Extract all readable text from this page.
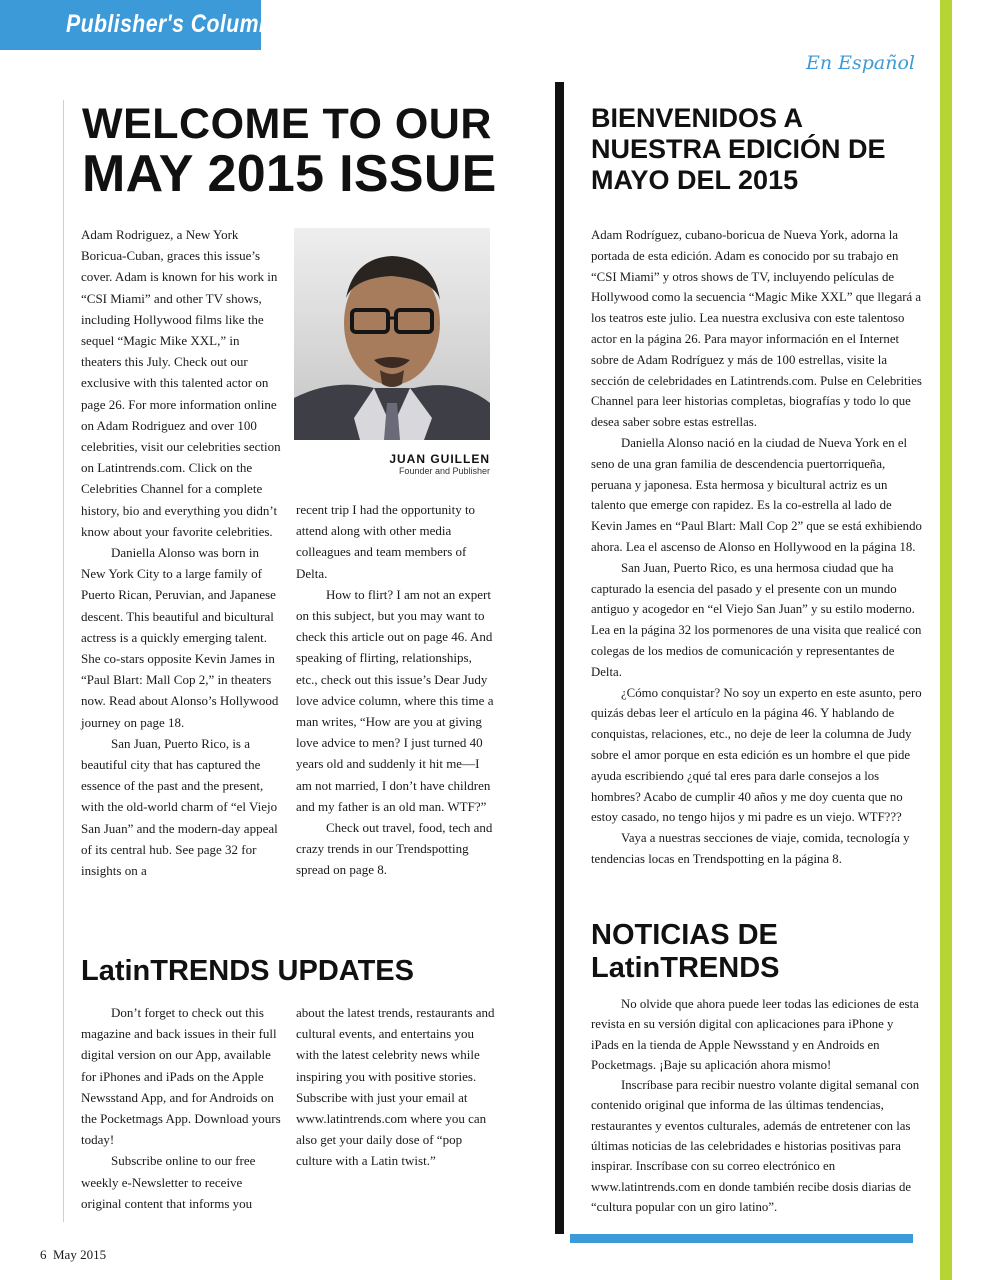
Publisher's Column
En Español
WELCOME TO OUR
MAY 2015 ISSUE
BIENVENIDOS A NUESTRA EDICIÓN DE MAYO DEL 2015

Adam Rodriguez, a New York Boricua-Cuban, graces this issue’s cover. Adam is known for his work in “CSI Miami” and other TV shows, including Hollywood films like the sequel “Magic Mike XXL,” in theaters this July. Check out our exclusive with this talented actor on page 26. For more information online on Adam Rodriguez and over 100 celebrities, visit our celebrities section on Latintrends.com. Click on the Celebrities Channel for a complete history, bio and everything you didn’t know about your favorite celebrities.

Daniella Alonso was born in New York City to a large family of Puerto Rican, Peruvian, and Japanese descent. This beautiful and bicultural actress is a quickly emerging talent. She co-stars opposite Kevin James in “Paul Blart: Mall Cop 2,” in theaters now. Read about Alonso’s Hollywood journey on page 18.

San Juan, Puerto Rico, is a beautiful city that has captured the essence of the past and the present, with the old-world charm of “el Viejo San Juan” and the modern-day appeal of its central hub. See page 32 for insights on a

JUAN GUILLEN
Founder and Publisher

recent trip I had the opportunity to attend along with other media colleagues and team members of Delta.

How to flirt? I am not an expert on this subject, but you may want to check this article out on page 46. And speaking of flirting, relationships, etc., check out this issue’s Dear Judy love advice column, where this time a man writes, “How are you at giving love advice to men? I just turned 40 years old and suddenly it hit me—I am not married, I don’t have children and my father is an old man. WTF?”

Check out travel, food, tech and crazy trends in our Trendspotting spread on page 8.

LatinTRENDS UPDATES

Don’t forget to check out this magazine and back issues in their full digital version on our App, available for iPhones and iPads on the Apple Newsstand App, and for Androids on the Pocketmags App. Download yours today!

Subscribe online to our free weekly e-Newsletter to receive original content that informs you

about the latest trends, restaurants and cultural events, and entertains you with the latest celebrity news while inspiring you with positive stories. Subscribe with just your email at www.latintrends.com where you can also get your daily dose of “pop culture with a Latin twist.”

Adam Rodríguez, cubano-boricua de Nueva York, adorna la portada de esta edición. Adam es conocido por su trabajo en “CSI Miami” y otros shows de TV, incluyendo películas de Hollywood como la secuencia “Magic Mike XXL” que llegará a los teatros este julio. Lea nuestra exclusiva con este talentoso actor en la página 26. Para mayor información en el Internet sobre de Adam Rodríguez y más de 100 estrellas, visite la sección de celebridades en Latintrends.com. Pulse en Celebrities Channel para leer historias completas, biografías y todo lo que desea saber sobre estas estrellas.

Daniella Alonso nació en la ciudad de Nueva York en el seno de una gran familia de descendencia puertorriqueña, peruana y japonesa. Esta hermosa y bicultural actriz es un talento que emerge con rapidez. Es la co-estrella al lado de Kevin James en “Paul Blart: Mall Cop 2” que se está exhibiendo ahora. Lea el ascenso de Alonso en Hollywood en la página 18.

San Juan, Puerto Rico, es una hermosa ciudad que ha capturado la esencia del pasado y el presente con un mundo antiguo y acogedor en “el Viejo San Juan” y su estilo moderno. Lea en la página 32 los pormenores de una visita que realicé con colegas de los medios de comunicación y representantes de Delta.

¿Cómo conquistar? No soy un experto en este asunto, pero quizás debas leer el artículo en la página 46. Y hablando de conquistas, relaciones, etc., no deje de leer la columna de Judy sobre el amor porque en esta edición es un hombre el que pide ayuda escribiendo ¿qué tal eres para darle consejos a los hombres? Acabo de cumplir 40 años y me doy cuenta que no estoy casado, no tengo hijos y mi padre es un viejo. WTF???

Vaya a nuestras secciones de viaje, comida, tecnología y tendencias locas en Trendspotting en la página 8.

NOTICIAS DE LatinTRENDS

No olvide que ahora puede leer todas las ediciones de esta revista en su versión digital con aplicaciones para iPhone y iPads en la tienda de Apple Newsstand y en Androids en Pocketmags. ¡Baje su aplicación ahora mismo!

Inscríbase para recibir nuestro volante digital semanal con contenido original que informa de las últimas tendencias, restaurantes y eventos culturales, además de entretener con las últimas noticias de las celebridades e historias positivas para inspirar. Inscríbase con su correo electrónico en www.latintrends.com en donde también recibe dosis diarias de “cultura popular con un giro latino”.

6 May 2015
